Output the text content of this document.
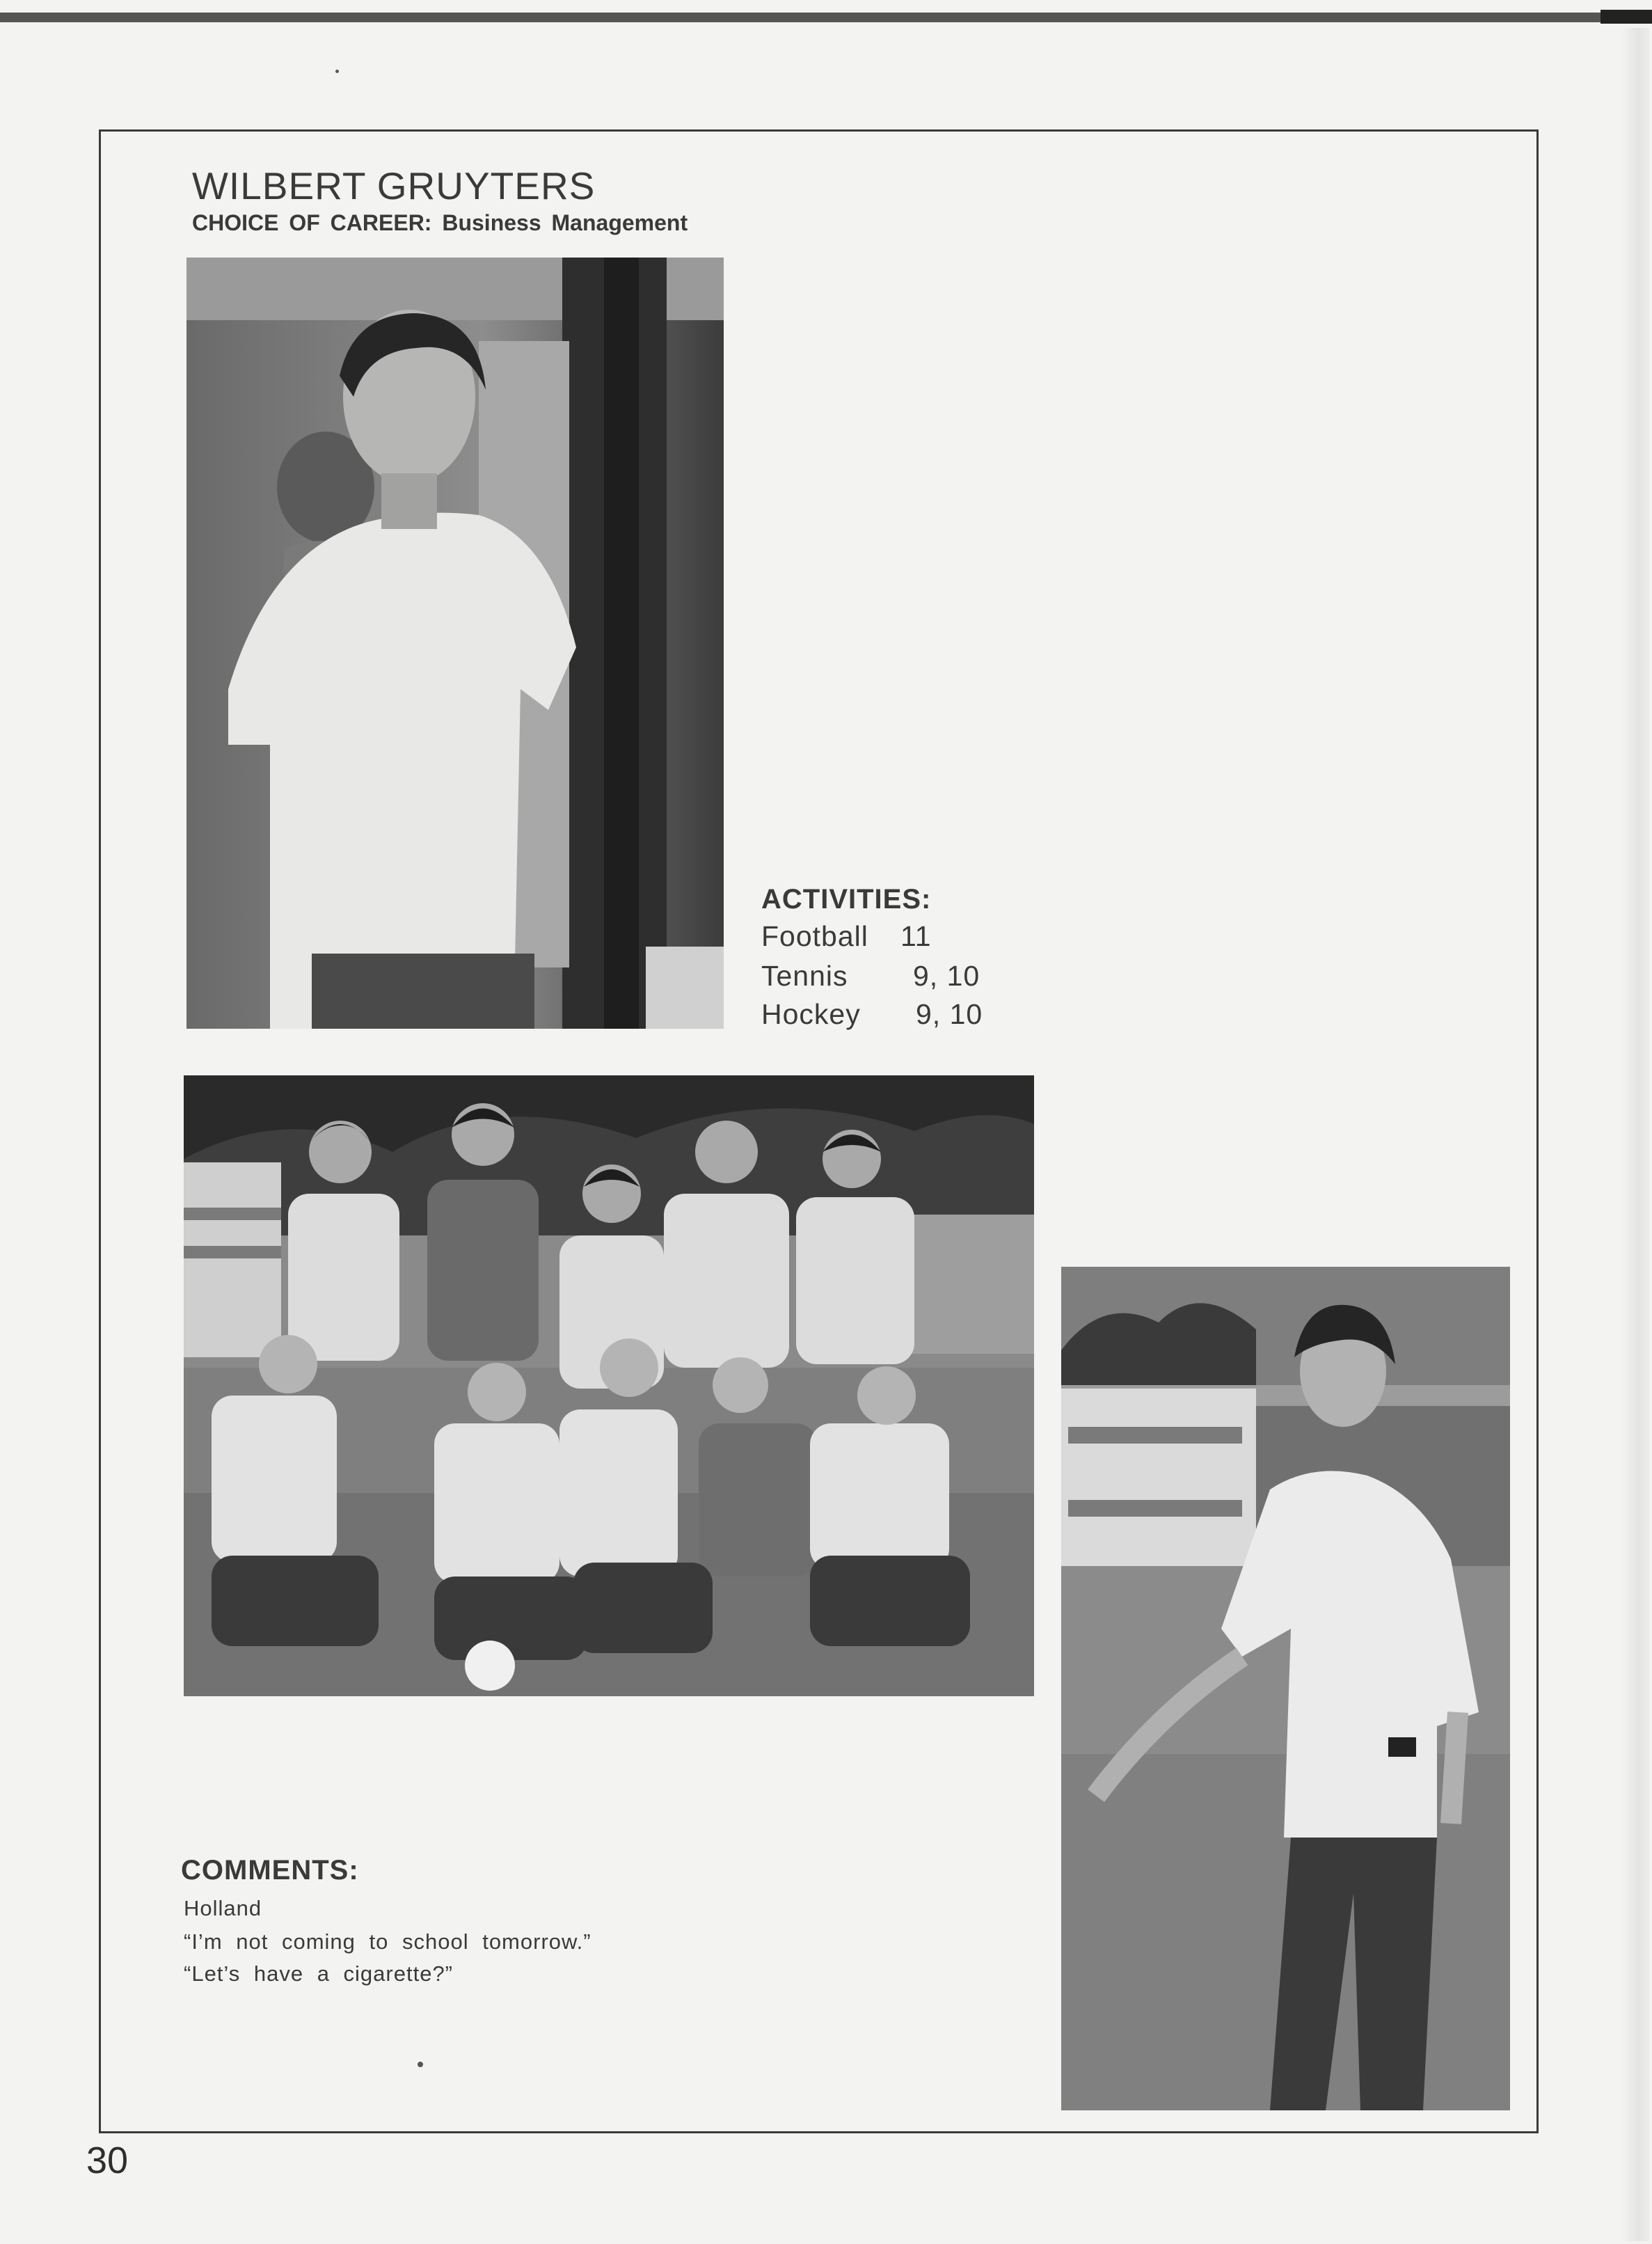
WILBERT GRUYTERS
CHOICE OF CAREER: Business Management
ACTIVITIES:
Football 11
Tennis 9, 10
Hockey 9, 10
COMMENTS:
Holland
“I’m not coming to school tomorrow.”
“Let’s have a cigarette?”
30
